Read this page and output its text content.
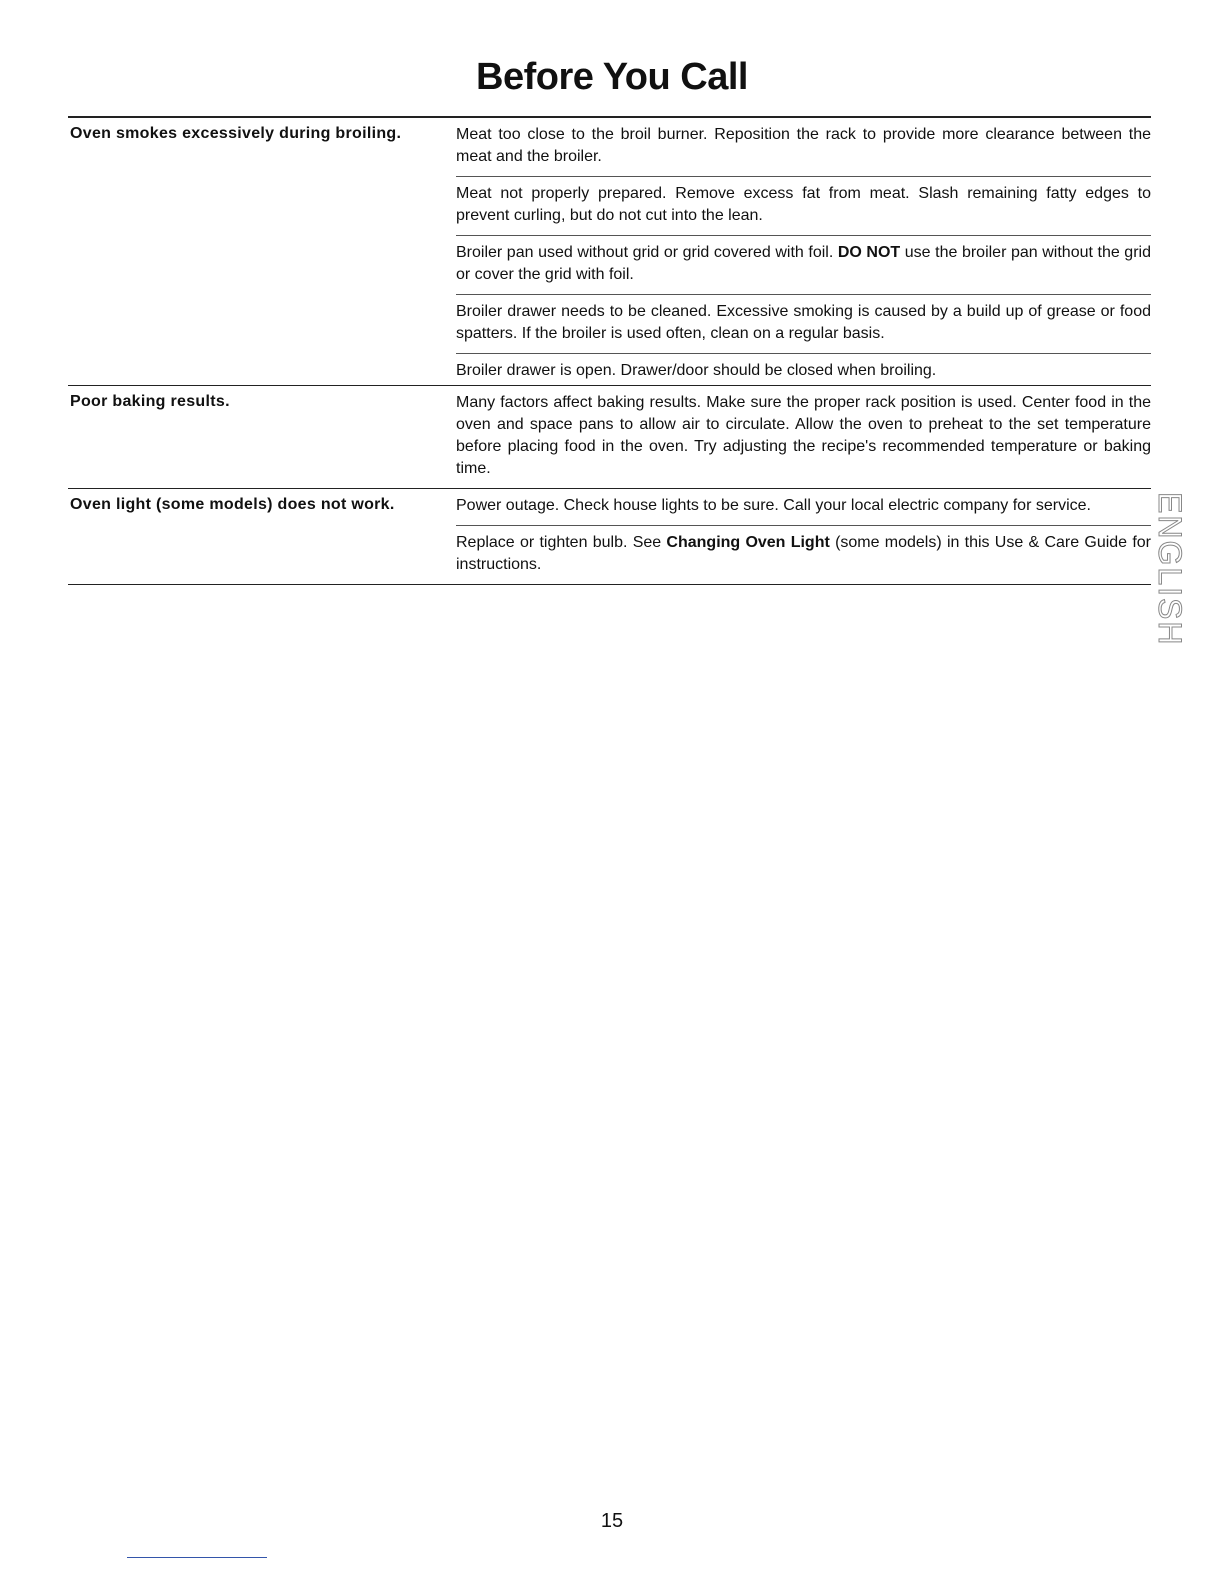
Before You Call
Oven smokes excessively during broiling.	Meat too close to the broil burner. Reposition the rack to provide more clearance between the meat and the broiler.
Meat not properly prepared. Remove excess fat from meat. Slash remaining fatty edges to prevent curling, but do not cut into the lean.
Broiler pan used without grid or grid covered with foil. DO NOT use the broiler pan without the grid or cover the grid with foil.
Broiler drawer needs to be cleaned. Excessive smoking is caused by a build up of grease or food spatters. If the broiler is used often, clean on a regular basis.
Broiler drawer is open. Drawer/door should be closed when broiling.
Poor baking results.	Many factors affect baking results. Make sure the proper rack position is used. Center food in the oven and space pans to allow air to circulate. Allow the oven to preheat to the set temperature before placing food in the oven. Try adjusting the recipe's recommended temperature or baking time.
Oven light (some models) does not work.	Power outage. Check house lights to be sure. Call your local electric company for service.
Replace or tighten bulb. See Changing Oven Light (some models) in this Use & Care Guide for instructions.	ENGLISH
15
